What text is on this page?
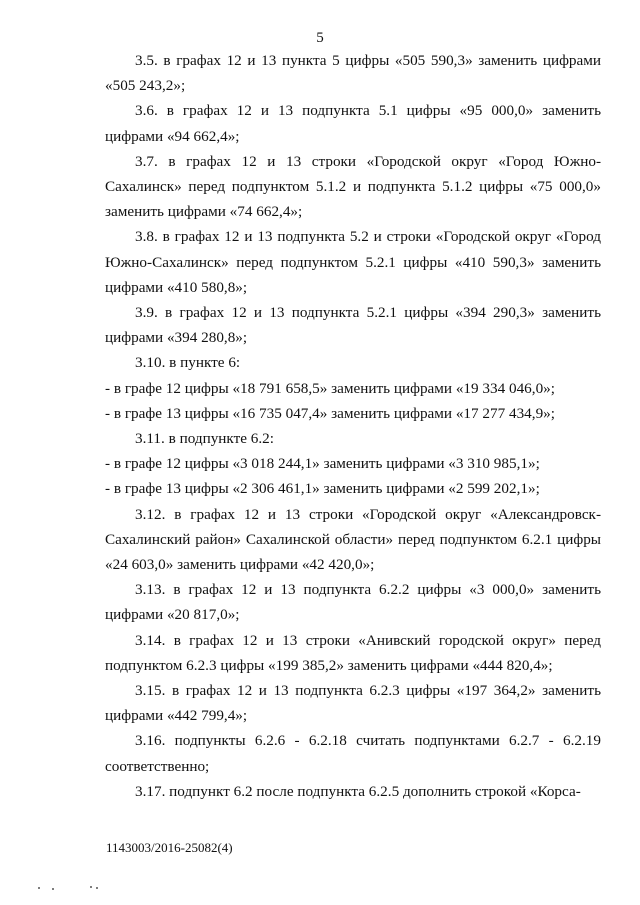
5

3.5. в графах 12 и 13 пункта 5 цифры «505 590,3» заменить цифрами «505 243,2»;

3.6. в графах 12 и 13 подпункта 5.1 цифры «95 000,0» заменить цифрами «94 662,4»;

3.7. в графах 12 и 13 строки «Городской округ «Город Южно-Сахалинск» перед подпунктом 5.1.2 и подпункта 5.1.2 цифры «75 000,0» заменить цифрами «74 662,4»;

3.8. в графах 12 и 13 подпункта 5.2 и строки «Городской округ «Город Южно-Сахалинск» перед подпунктом 5.2.1 цифры «410 590,3» заменить цифрами «410 580,8»;

3.9. в графах 12 и 13 подпункта 5.2.1 цифры «394 290,3» заменить цифрами «394 280,8»;

3.10. в пункте 6:

- в графе 12 цифры «18 791 658,5» заменить цифрами «19 334 046,0»;

- в графе 13 цифры «16 735 047,4» заменить цифрами «17 277 434,9»;

3.11. в подпункте 6.2:

- в графе 12 цифры «3 018 244,1» заменить цифрами «3 310 985,1»;

- в графе 13 цифры «2 306 461,1» заменить цифрами «2 599 202,1»;

3.12. в графах 12 и 13 строки «Городской округ «Александровск-Сахалинский район» Сахалинской области» перед подпунктом 6.2.1 цифры «24 603,0» заменить цифрами «42 420,0»;

3.13. в графах 12 и 13 подпункта 6.2.2 цифры «3 000,0» заменить цифрами «20 817,0»;

3.14. в графах 12 и 13 строки «Анивский городской округ» перед подпунктом 6.2.3 цифры «199 385,2» заменить цифрами «444 820,4»;

3.15. в графах 12 и 13 подпункта 6.2.3 цифры «197 364,2» заменить цифрами «442 799,4»;

3.16. подпункты 6.2.6 - 6.2.18 считать подпунктами 6.2.7 - 6.2.19 соответственно;

3.17. подпункт 6.2 после подпункта 6.2.5 дополнить строкой «Корса-

1143003/2016-25082(4)
